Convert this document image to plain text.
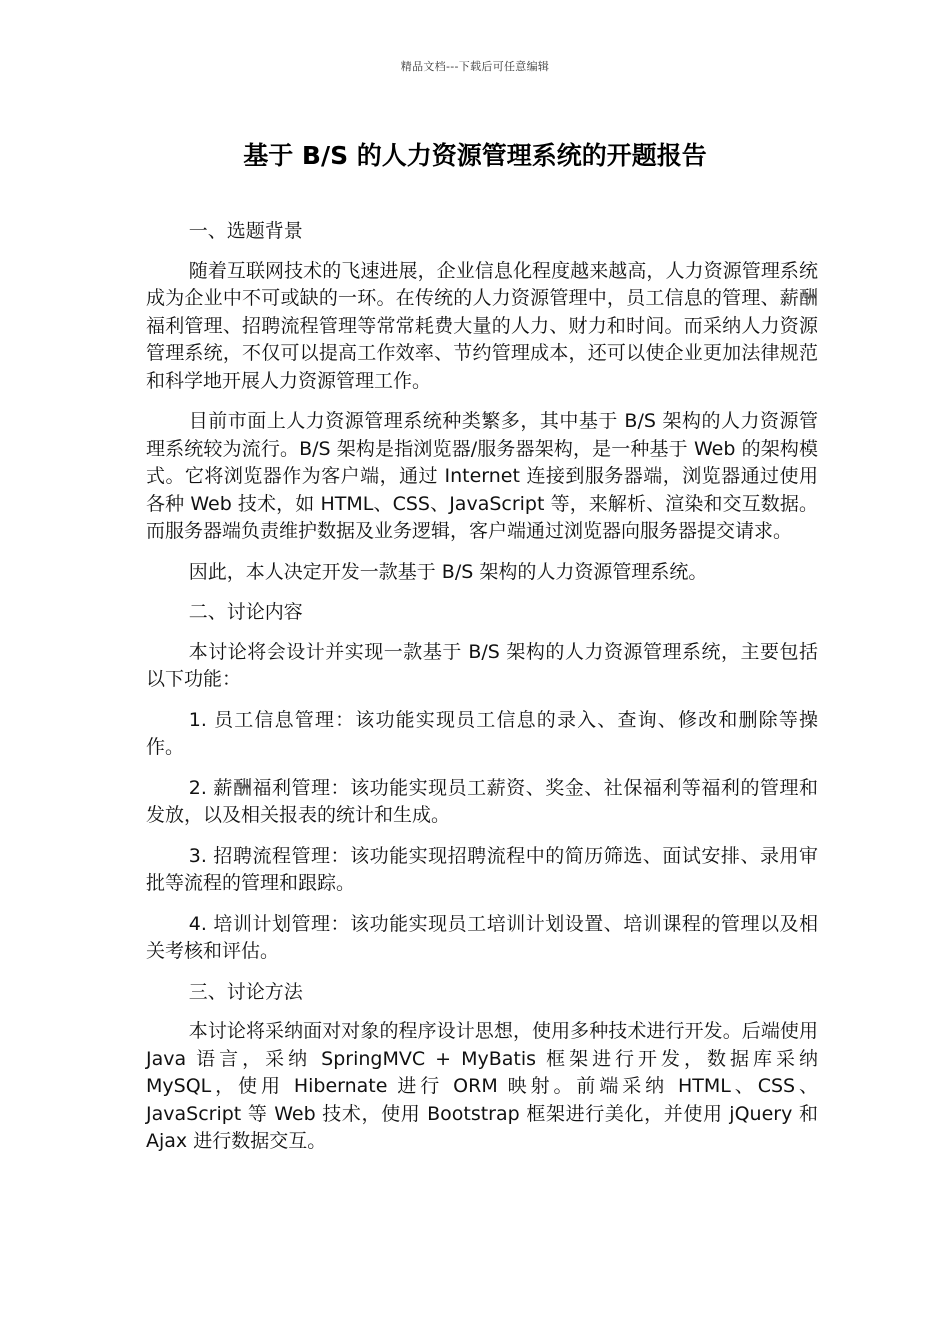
精品文档---下载后可任意编辑
基于 B/S 的人力资源管理系统的开题报告

一、选题背景

随着互联网技术的飞速进展，企业信息化程度越来越高，人力资源管理系统成为企业中不可或缺的一环。在传统的人力资源管理中，员工信息的管理、薪酬福利管理、招聘流程管理等常常耗费大量的人力、财力和时间。而采纳人力资源管理系统，不仅可以提高工作效率、节约管理成本，还可以使企业更加法律规范和科学地开展人力资源管理工作。

目前市面上人力资源管理系统种类繁多，其中基于 B/S 架构的人力资源管理系统较为流行。B/S 架构是指浏览器/服务器架构，是一种基于 Web 的架构模式。它将浏览器作为客户端，通过 Internet 连接到服务器端，浏览器通过使用各种 Web 技术，如 HTML、CSS、JavaScript 等，来解析、渲染和交互数据。而服务器端负责维护数据及业务逻辑，客户端通过浏览器向服务器提交请求。

因此，本人决定开发一款基于 B/S 架构的人力资源管理系统。

二、讨论内容

本讨论将会设计并实现一款基于 B/S 架构的人力资源管理系统，主要包括以下功能：

1. 员工信息管理：该功能实现员工信息的录入、查询、修改和删除等操作。

2. 薪酬福利管理：该功能实现员工薪资、奖金、社保福利等福利的管理和发放，以及相关报表的统计和生成。

3. 招聘流程管理：该功能实现招聘流程中的简历筛选、面试安排、录用审批等流程的管理和跟踪。

4. 培训计划管理：该功能实现员工培训计划设置、培训课程的管理以及相关考核和评估。

三、讨论方法

本讨论将采纳面对对象的程序设计思想，使用多种技术进行开发。后端使用 Java 语言，采纳 SpringMVC + MyBatis 框架进行开发，数据库采纳 MySQL，使用 Hibernate 进行 ORM 映射。前端采纳 HTML、CSS、JavaScript 等 Web 技术，使用 Bootstrap 框架进行美化，并使用 jQuery 和 Ajax 进行数据交互。
